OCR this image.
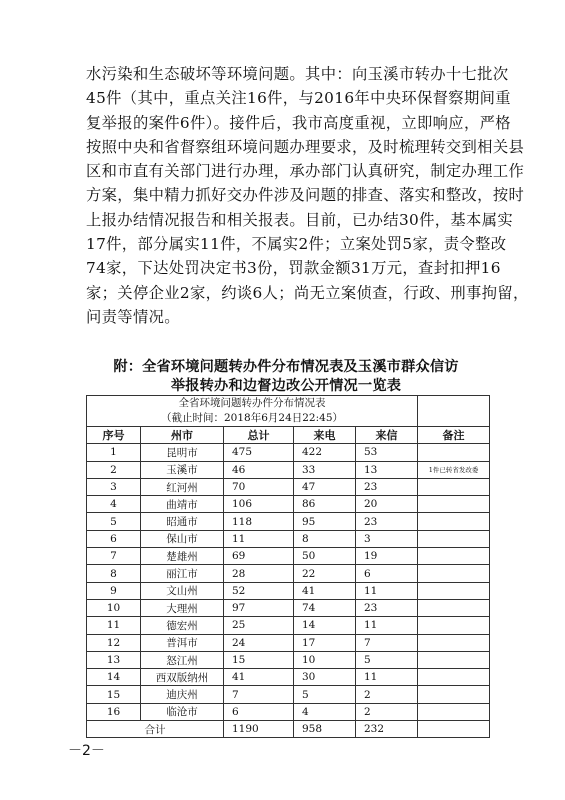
水污染和生态破坏等环境问题。其中：向玉溪市转办十七批次
45件（其中，重点关注16件，与2016年中央环保督察期间重
复举报的案件6件）。接件后，我市高度重视，立即响应，严格
按照中央和省督察组环境问题办理要求，及时梳理转交到相关县
区和市直有关部门进行办理，承办部门认真研究，制定办理工作
方案，集中精力抓好交办件涉及问题的排查、落实和整改，按时
上报办结情况报告和相关报表。目前，已办结30件，基本属实
17件，部分属实11件，不属实2件；立案处罚5家，责令整改
74家，下达处罚决定书3份，罚款金额31万元，查封扣押16
家；关停企业2家，约谈6人；尚无立案侦查，行政、刑事拘留，
问责等情况。
附：全省环境问题转办件分布情况表及玉溪市群众信访
举报转办和边督边改公开情况一览表
全省环境问题转办件分布情况表
（截止时间：2018年6月24日22:45）					

序号	州市	总计	来电	来信	备注
1	昆明市	475	422	53	
2	玉溪市	46	33	13	1件已转省发改委
3	红河州	70	47	23	
4	曲靖市	106	86	20	
5	昭通市	118	95	23	
6	保山市	11	8	3	
7	楚雄州	69	50	19	
8	丽江市	28	22	6	
9	文山州	52	41	11	
10	大理州	97	74	23	
11	德宏州	25	14	11	
12	普洱市	24	17	7	
13	怒江州	15	10	5	
14	西双版纳州	41	30	11	
15	迪庆州	7	5	2	
16	临沧市	6	4	2	
合计		1190	958	232	
－2－
